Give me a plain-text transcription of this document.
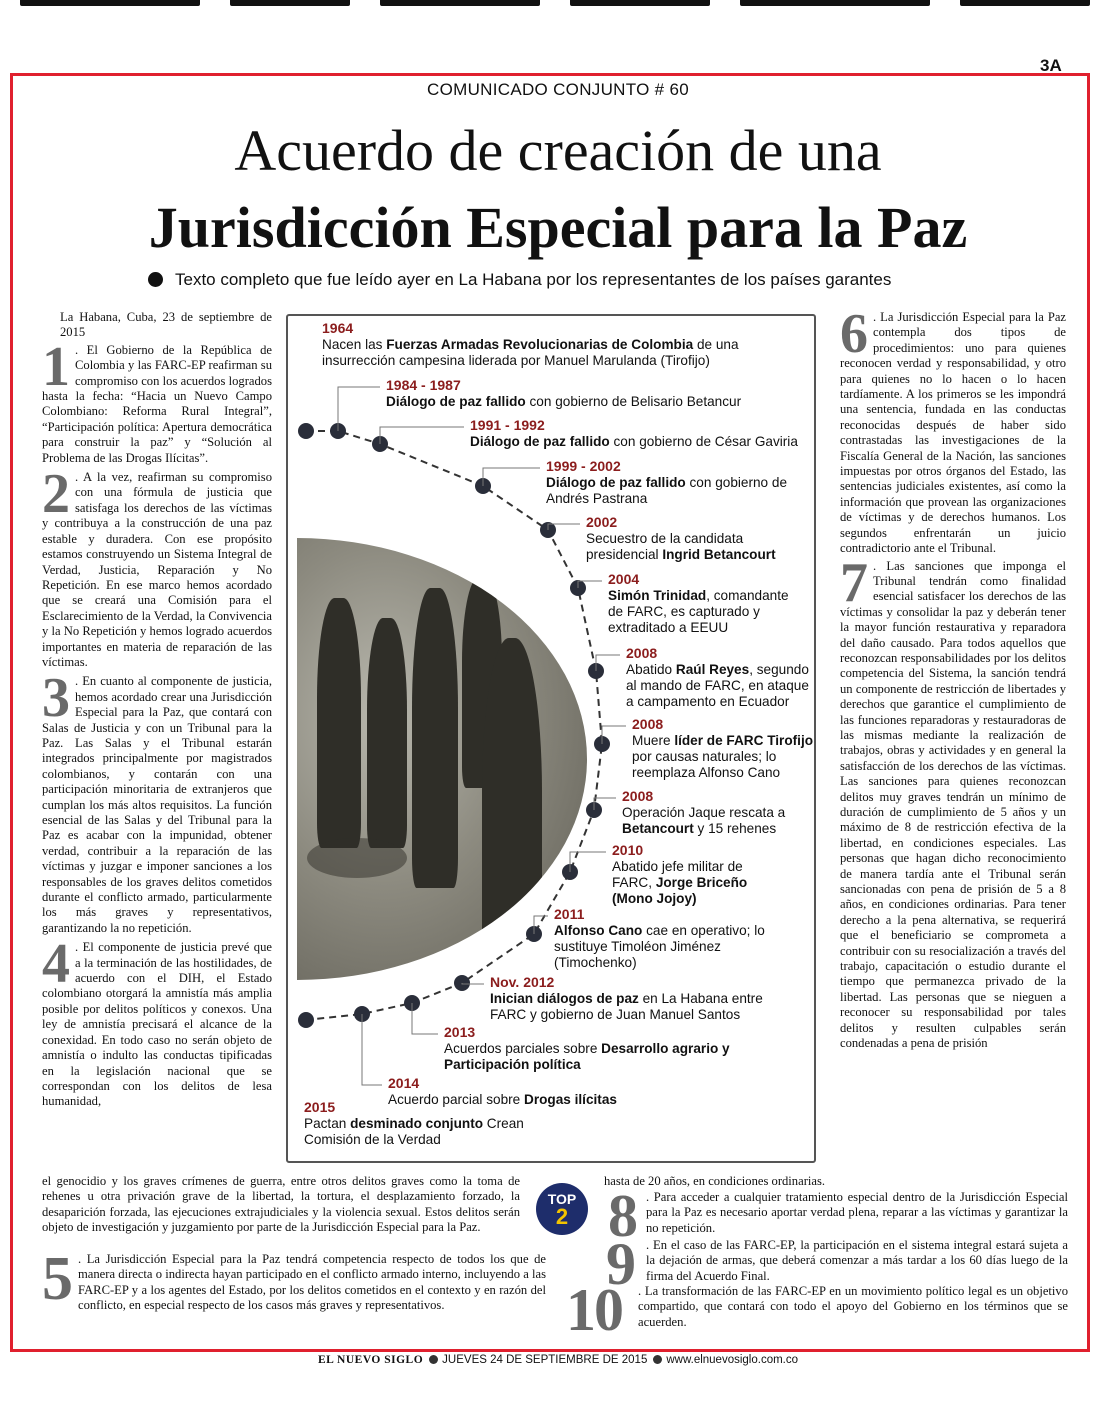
3A
COMUNICADO CONJUNTO # 60
Acuerdo de creación de una
Jurisdicción Especial para la Paz
Texto completo que fue leído ayer en La Habana por los representantes de los países garantes

La Habana, Cuba, 23 de septiembre de 2015

1 . El Gobierno de la República de Colombia y las FARC-EP reafirman su compromiso con los acuerdos logrados hasta la fecha: “Hacia un Nuevo Campo Colombiano: Reforma Rural Integral”, “Participación política: Apertura democrática para construir la paz” y “Solución al Problema de las Drogas Ilícitas”.

2 . A la vez, reafirman su compromiso con una fórmula de justicia que satisfaga los derechos de las víctimas y contribuya a la construcción de una paz estable y duradera. Con ese propósito estamos construyendo un Sistema Integral de Verdad, Justicia, Reparación y No Repetición. En ese marco hemos acordado que se creará una Comisión para el Esclarecimiento de la Verdad, la Convivencia y la No Repetición y hemos logrado acuerdos importantes en materia de reparación de las víctimas.

3 . En cuanto al componente de justicia, hemos acordado crear una Jurisdicción Especial para la Paz, que contará con Salas de Justicia y con un Tribunal para la Paz. Las Salas y el Tribunal estarán integrados principalmente por magistrados colombianos, y contarán con una participación minoritaria de extranjeros que cumplan los más altos requisitos. La función esencial de las Salas y del Tribunal para la Paz es acabar con la impunidad, obtener verdad, contribuir a la reparación de las víctimas y juzgar e imponer sanciones a los responsables de los graves delitos cometidos durante el conflicto armado, particularmente los más graves y representativos, garantizando la no repetición.

4 . El componente de justicia prevé que a la terminación de las hostilidades, de acuerdo con el DIH, el Estado colombiano otorgará la amnistía más amplia posible por delitos políticos y conexos. Una ley de amnistía precisará el alcance de la conexidad. En todo caso no serán objeto de amnistía o indulto las conductas tipificadas en la legislación nacional que se correspondan con los delitos de lesa humanidad,

el genocidio y los graves crímenes de guerra, entre otros delitos graves como la toma de rehenes u otra privación grave de la libertad, la tortura, el desplazamiento forzado, la desaparición forzada, las ejecuciones extrajudiciales y la violencia sexual. Estos delitos serán objeto de investigación y juzgamiento por parte de la Jurisdicción Especial para la Paz.

5 . La Jurisdicción Especial para la Paz tendrá competencia respecto de todos los que de manera directa o indirecta hayan participado en el conflicto armado interno, incluyendo a las FARC-EP y a los agentes del Estado, por los delitos cometidos en el contexto y en razón del conflicto, en especial respecto de los casos más graves y representativos.

6 . La Jurisdicción Especial para la Paz contempla dos tipos de procedimientos: uno para quienes reconocen verdad y responsabilidad, y otro para quienes no lo hacen o lo hacen tardíamente. A los primeros se les impondrá una sentencia, fundada en las conductas reconocidas después de haber sido contrastadas las investigaciones de la Fiscalía General de la Nación, las sanciones impuestas por otros órganos del Estado, las sentencias judiciales existentes, así como la información que provean las organizaciones de víctimas y de derechos humanos. Los segundos enfrentarán un juicio contradictorio ante el Tribunal.

7 . Las sanciones que imponga el Tribunal tendrán como finalidad esencial satisfacer los derechos de las víctimas y consolidar la paz y deberán tener la mayor función restaurativa y reparadora del daño causado. Para todos aquellos que reconozcan responsabilidades por los delitos competencia del Sistema, la sanción tendrá un componente de restricción de libertades y derechos que garantice el cumplimiento de las funciones reparadoras y restauradoras de las mismas mediante la realización de trabajos, obras y actividades y en general la satisfacción de los derechos de las víctimas. Las sanciones para quienes reconozcan delitos muy graves tendrán un mínimo de duración de cumplimiento de 5 años y un máximo de 8 de restricción efectiva de la libertad, en condiciones especiales. Las personas que hagan dicho reconocimiento de manera tardía ante el Tribunal serán sancionadas con pena de prisión de 5 a 8 años, en condiciones ordinarias. Para tener derecho a la pena alternativa, se requerirá que el beneficiario se comprometa a contribuir con su resocialización a través del trabajo, capacitación o estudio durante el tiempo que permanezca privado de la libertad. Las personas que se nieguen a reconocer su responsabilidad por tales delitos y resulten culpables serán condenadas a pena de prisión

hasta de 20 años, en condiciones ordinarias.

8 . Para acceder a cualquier tratamiento especial dentro de la Jurisdicción Especial para la Paz es necesario aportar verdad plena, reparar a las víctimas y garantizar la no repetición.
9 . En el caso de las FARC-EP, la participación en el sistema integral estará sujeta a la dejación de armas, que deberá comenzar a más tardar a los 60 días luego de la firma del Acuerdo Final.
10 . La transformación de las FARC-EP en un movimiento político legal es un objetivo compartido, que contará con todo el apoyo del Gobierno en los términos que se acuerden.
TOP
2
1964
Nacen las Fuerzas Armadas Revolucionarias de Colombia de una insurrección campesina liderada por Manuel Marulanda (Tirofijo)
1984 - 1987
Diálogo de paz fallido con gobierno de Belisario Betancur
1991 - 1992
Diálogo de paz fallido con gobierno de César Gaviria
1999 - 2002
Diálogo de paz fallido con gobierno de Andrés Pastrana
2002
Secuestro de la candidata presidencial Ingrid Betancourt
2004
Simón Trinidad, comandante de FARC, es capturado y extraditado a EEUU
2008
Abatido Raúl Reyes, segundo al mando de FARC, en ataque a campamento en Ecuador
2008
Muere líder de FARC Tirofijo por causas naturales; lo reemplaza Alfonso Cano
2008
Operación Jaque rescata a Betancourt y 15 rehenes
2010
Abatido jefe militar de FARC, Jorge Briceño (Mono Jojoy)
2011
Alfonso Cano cae en operativo; lo sustituye Timoléon Jiménez (Timochenko)
Nov. 2012
Inician diálogos de paz en La Habana entre FARC y gobierno de Juan Manuel Santos
2013
Acuerdos parciales sobre Desarrollo agrario y Participación política
2014
Acuerdo parcial sobre Drogas ilícitas
2015
Pactan desminado conjunto Crean Comisión de la Verdad
EL NUEVO SIGLO JUEVES 24 DE SEPTIEMBRE DE 2015 www.elnuevosiglo.com.co
